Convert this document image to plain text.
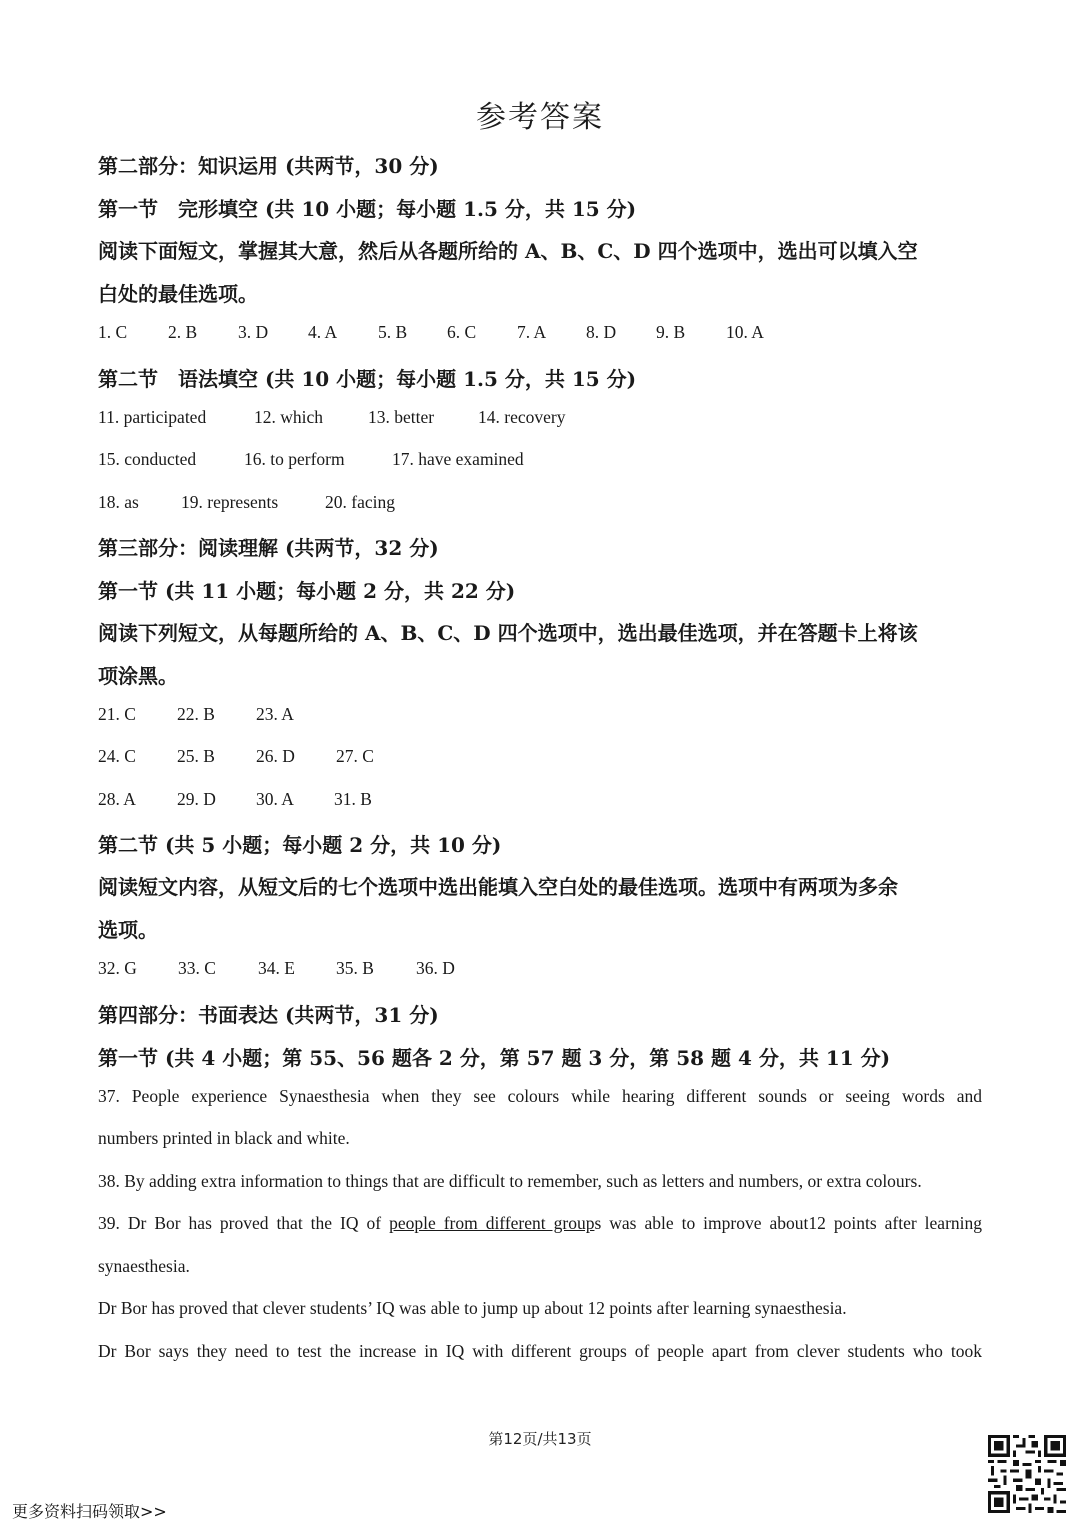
参考答案
第二部分：知识运用 (共两节，30 分)
第一节　完形填空 (共 10 小题；每小题 1.5 分，共 15 分)
阅读下面短文，掌握其大意，然后从各题所给的 A、B、C、D 四个选项中，选出可以填入空
白处的最佳选项。
1. C 2. B 3. D 4. A 5. B 6. C 7. A 8. D 9. B 10. A
第二节　语法填空 (共 10 小题；每小题 1.5 分，共 15 分)
11. participated	12. which	13. better	14. recovery
15. conducted	16. to perform	17. have examined
18. as 19. represents	20. facing
第三部分：阅读理解 (共两节，32 分)
第一节 (共 11 小题；每小题 2 分，共 22 分)
阅读下列短文，从每题所给的 A、B、C、D 四个选项中，选出最佳选项，并在答题卡上将该
项涂黑。
21. C 22. B 23. A
24. C 25. B 26. D 27. C
28. A 29. D 30. A 31. B
第二节 (共 5 小题；每小题 2 分，共 10 分)
阅读短文内容，从短文后的七个选项中选出能填入空白处的最佳选项。选项中有两项为多余
选项。
32. G 33. C 34. E 35. B 36. D
第四部分：书面表达 (共两节，31 分)
第一节 (共 4 小题；第 55、56 题各 2 分，第 57 题 3 分，第 58 题 4 分，共 11 分)
37. People experience Synaesthesia when they see colours while hearing different sounds or seeing words and
numbers printed in black and white.
38. By adding extra information to things that are difficult to remember, such as letters and numbers, or extra colours.
39. Dr Bor has proved that the IQ of people from different groups was able to improve about12 points after learning
synaesthesia.
Dr Bor has proved that clever students’ IQ was able to jump up about 12 points after learning synaesthesia.
Dr Bor says they need to test the increase in IQ with different groups of people apart from clever students who took
第12页/共13页
更多资料扫码领取>>
